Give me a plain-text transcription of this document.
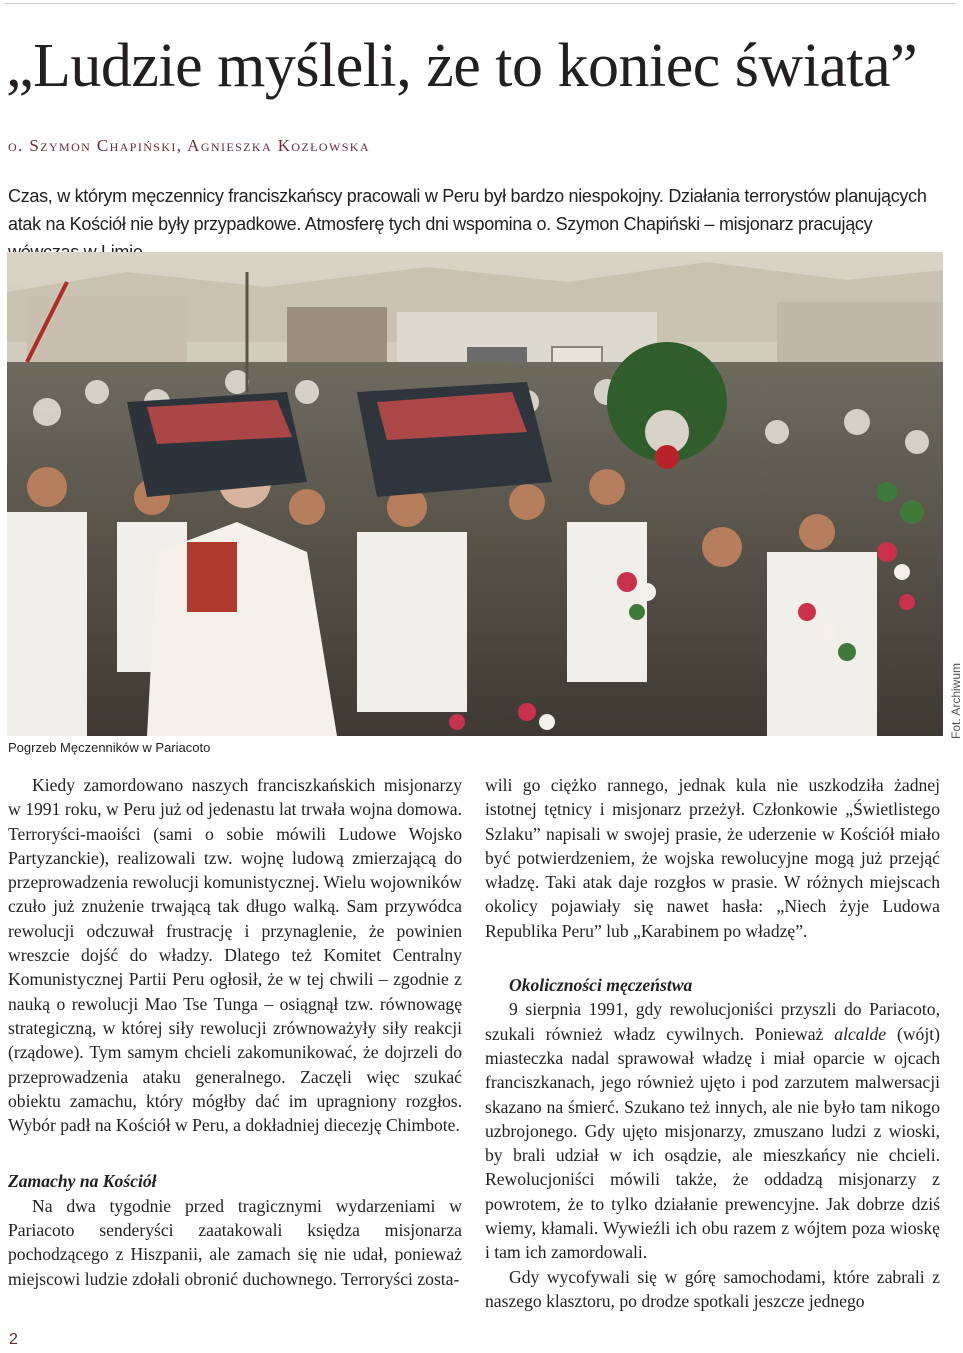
„Ludzie myśleli, że to koniec świata”
o. Szymon Chapiński, Agnieszka Kozłowska

Czas, w którym męczennicy franciszkańscy pracowali w Peru był bardzo niespokojny. Działania terrorystów planujących atak na Kościół nie były przypadkowe. Atmosferę tych dni wspomina o. Szymon Chapiński – misjonarz pracujący

Pogrzeb Męczenników w Pariacoto
Fot. Archiwum

Kiedy zamordowano naszych franciszkańskich misjonarzy w 1991 roku, w Peru już od jedenastu lat trwała wojna domowa. Terroryści-maoiści (sami o sobie mówili Ludowe Wojsko Partyzanckie), realizowali tzw. wojnę ludową zmierzającą do przeprowadzenia rewolucji komunistycznej. Wielu wojowników czuło już znużenie trwającą tak długo walką. Sam przywódca rewolucji odczuwał frustrację i przynaglenie, że powinien wreszcie dojść do władzy. Dlatego też Komitet Centralny Komunistycznej Partii Peru ogłosił, że w tej chwili – zgodnie z nauką o rewolucji Mao Tse Tunga – osiągnął tzw. równowagę strategiczną, w której siły rewolucji zrównoważyły siły reakcji (rządowe). Tym samym chcieli zakomunikować, że dojrzeli do przeprowadzenia ataku generalnego. Zaczęli więc szukać obiektu zamachu, który mógłby dać im upragniony rozgłos. Wybór padł na Kościół w Peru, a dokładniej diecezję Chimbote.

Zamachy na Kościół

Na dwa tygodnie przed tragicznymi wydarzeniami w Pariacoto senderyści zaatakowali księdza misjonarza pochodzącego z Hiszpanii, ale zamach się nie udał, ponieważ miejscowi ludzie zdołali obronić duchownego. Terroryści zosta-

wili go ciężko rannego, jednak kula nie uszkodziła żadnej istotnej tętnicy i misjonarz przeżył. Członkowie „Świetlistego Szlaku” napisali w swojej prasie, że uderzenie w Kościół miało być potwierdzeniem, że wojska rewolucyjne mogą już przejąć władzę. Taki atak daje rozgłos w prasie. W różnych miejscach okolicy pojawiały się nawet hasła: „Niech żyje Ludowa Republika Peru” lub „Karabinem po władzę”.

Okoliczności męczeństwa

9 sierpnia 1991, gdy rewolucjoniści przyszli do Pariacoto, szukali również władz cywilnych. Ponieważ alcalde (wójt) miasteczka nadal sprawował władzę i miał oparcie w ojcach franciszkanach, jego również ujęto i pod zarzutem malwersacji skazano na śmierć. Szukano też innych, ale nie było tam nikogo uzbrojonego. Gdy ujęto misjonarzy, zmuszano ludzi z wioski, by brali udział w ich osądzie, ale mieszkańcy nie chcieli. Rewolucjoniści mówili także, że oddadzą misjonarzy z powrotem, że to tylko działanie prewencyjne. Jak dobrze dziś wiemy, kłamali. Wywieźli ich obu razem z wójtem poza wioskę i tam ich zamordowali.

Gdy wycofywali się w górę samochodami, które zabrali z naszego klasztoru, po drodze spotkali jeszcze jednego

2
